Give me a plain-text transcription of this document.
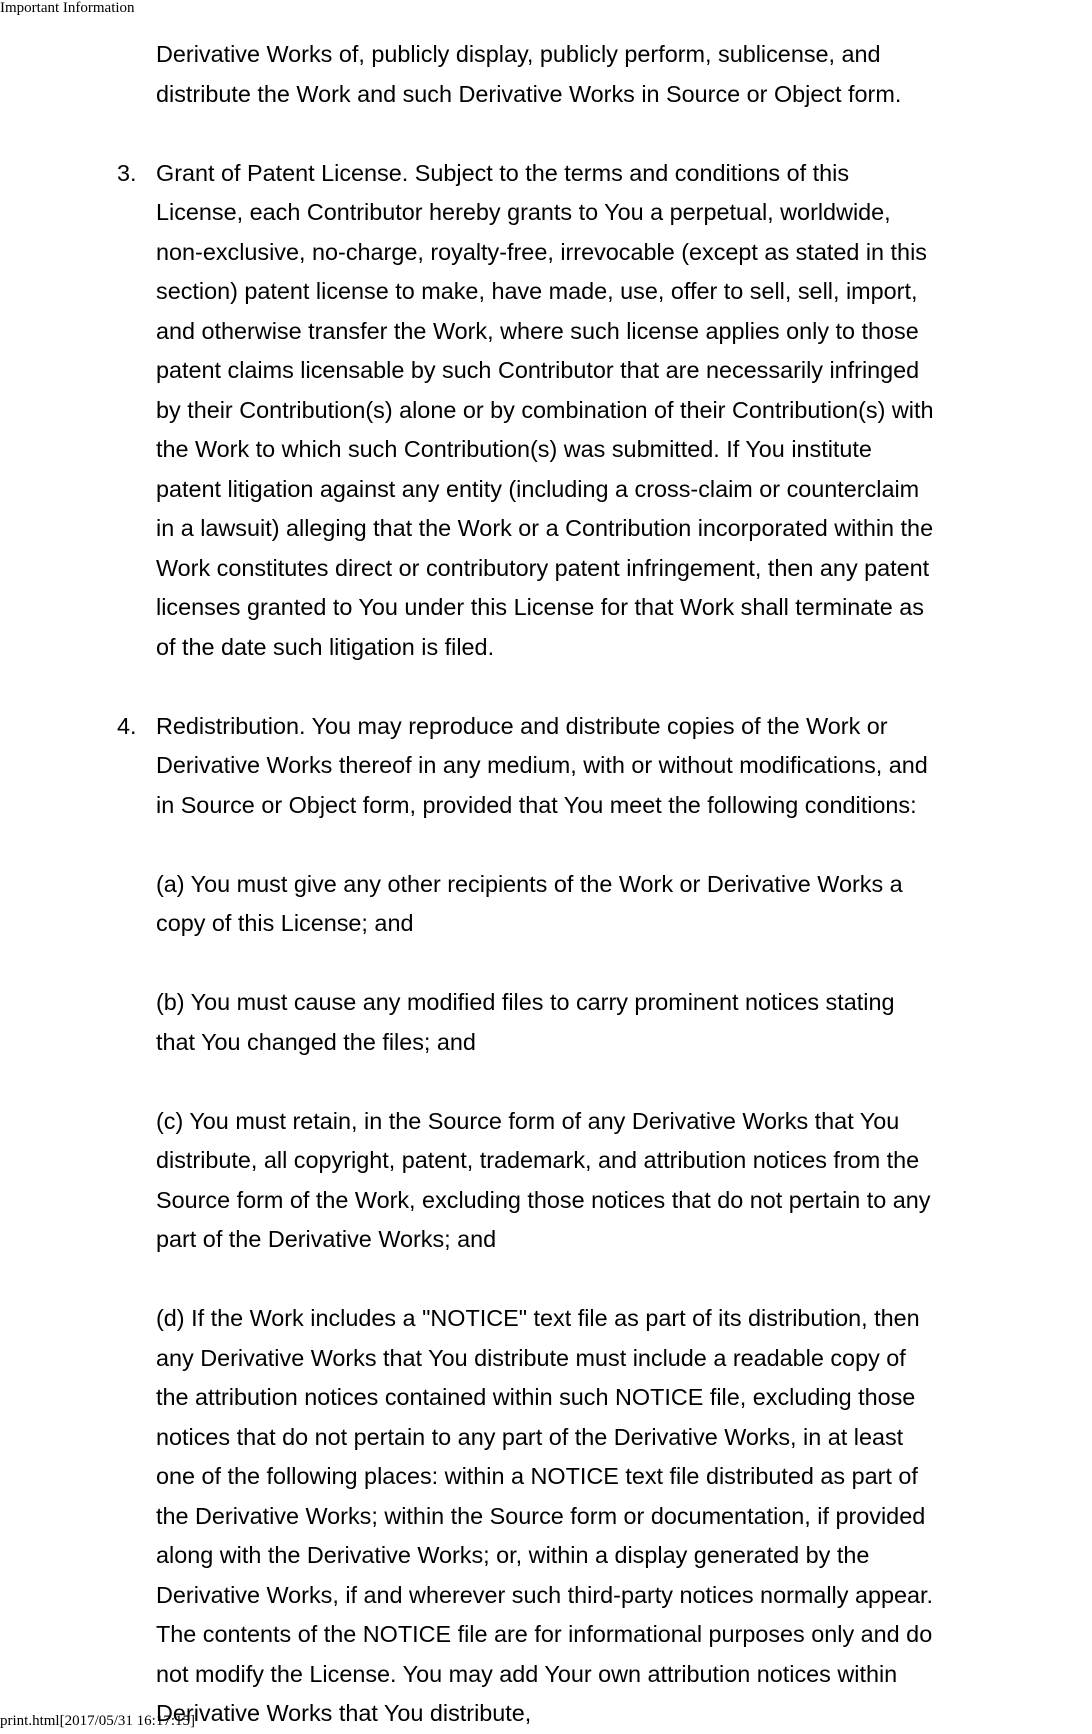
Important Information

Derivative Works of, publicly display, publicly perform, sublicense, and distribute the Work and such Derivative Works in Source or Object form.

3. Grant of Patent License. Subject to the terms and conditions of this License, each Contributor hereby grants to You a perpetual, worldwide, non-exclusive, no-charge, royalty-free, irrevocable (except as stated in this section) patent license to make, have made, use, offer to sell, sell, import, and otherwise transfer the Work, where such license applies only to those patent claims licensable by such Contributor that are necessarily infringed by their Contribution(s) alone or by combination of their Contribution(s) with the Work to which such Contribution(s) was submitted. If You institute patent litigation against any entity (including a cross-claim or counterclaim in a lawsuit) alleging that the Work or a Contribution incorporated within the Work constitutes direct or contributory patent infringement, then any patent licenses granted to You under this License for that Work shall terminate as of the date such litigation is filed.
4. Redistribution. You may reproduce and distribute copies of the Work or Derivative Works thereof in any medium, with or without modifications, and in Source or Object form, provided that You meet the following conditions:

(a) You must give any other recipients of the Work or Derivative Works a copy of this License; and

(b) You must cause any modified files to carry prominent notices stating that You changed the files; and

(c) You must retain, in the Source form of any Derivative Works that You distribute, all copyright, patent, trademark, and attribution notices from the Source form of the Work, excluding those notices that do not pertain to any part of the Derivative Works; and

(d) If the Work includes a "NOTICE" text file as part of its distribution, then any Derivative Works that You distribute must include a readable copy of the attribution notices contained within such NOTICE file, excluding those notices that do not pertain to any part of the Derivative Works, in at least one of the following places: within a NOTICE text file distributed as part of the Derivative Works; within the Source form or documentation, if provided along with the Derivative Works; or, within a display generated by the Derivative Works, if and wherever such third-party notices normally appear. The contents of the NOTICE file are for informational purposes only and do not modify the License. You may add Your own attribution notices within Derivative Works that You distribute,

print.html[2017/05/31 16:17:15]
